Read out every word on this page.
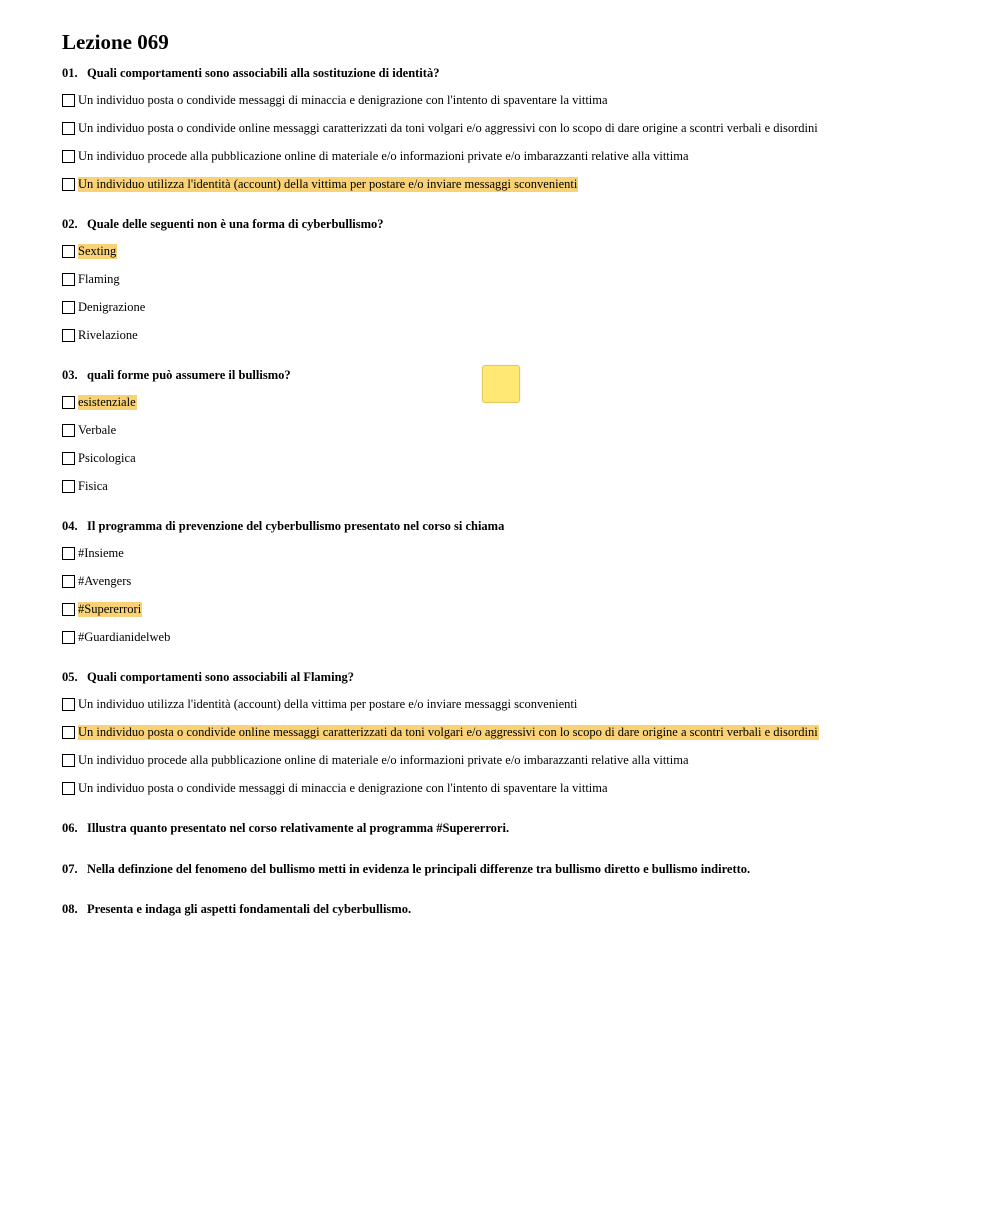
Lezione 069
01. Quali comportamenti sono associabili alla sostituzione di identità?
Un individuo posta o condivide messaggi di minaccia e denigrazione con l'intento di spaventare la vittima
Un individuo posta o condivide online messaggi caratterizzati da toni volgari e/o aggressivi con lo scopo di dare origine a scontri verbali e disordini
Un individuo procede alla pubblicazione online di materiale e/o informazioni private e/o imbarazzanti relative alla vittima
Un individuo utilizza l'identità (account) della vittima per postare e/o inviare messaggi sconvenienti
02. Quale delle seguenti non è una forma di cyberbullismo?
Sexting
Flaming
Denigrazione
Rivelazione
03. quali forme può assumere il bullismo?
esistenziale
Verbale
Psicologica
Fisica
04. Il programma di prevenzione del cyberbullismo presentato nel corso si chiama
#Insieme
#Avengers
#Supererrori
#Guardianidelweb
05. Quali comportamenti sono associabili al Flaming?
Un individuo utilizza l'identità (account) della vittima per postare e/o inviare messaggi sconvenienti
Un individuo posta o condivide online messaggi caratterizzati da toni volgari e/o aggressivi con lo scopo di dare origine a scontri verbali e disordini
Un individuo procede alla pubblicazione online di materiale e/o informazioni private e/o imbarazzanti relative alla vittima
Un individuo posta o condivide messaggi di minaccia e denigrazione con l'intento di spaventare la vittima
06. Illustra quanto presentato nel corso relativamente al programma #Supererrori.
07. Nella definzione del fenomeno del bullismo metti in evidenza le principali differenze tra bullismo diretto e bullismo indiretto.
08. Presenta e indaga gli aspetti fondamentali del cyberbullismo.
